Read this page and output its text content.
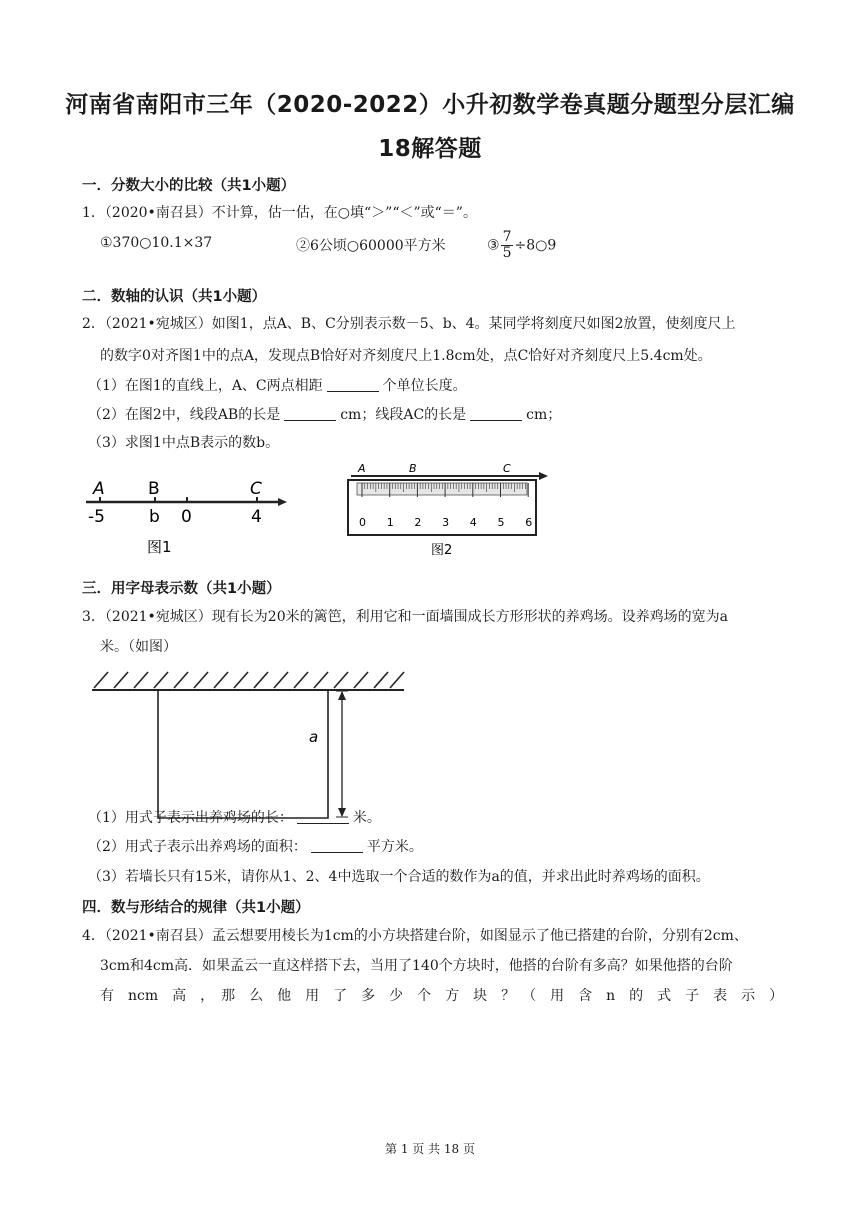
河南省南阳市三年（2020-2022）小升初数学卷真题分题型分层汇编
18解答题
一．分数大小的比较（共1小题）
1．（2020•南召县）不计算，估一估，在○填“＞”“＜”或“＝”。
①370○10.1×37	②6公顷○60000平方米	③ $\frac{7}{5}$ ÷8○9
二．数轴的认识（共1小题）
2．（2021•宛城区）如图1，点A、B、C分别表示数－5、b、4。某同学将刻度尺如图2放置，使刻度尺上
的数字0对齐图1中的点A，发现点B恰好对齐刻度尺上1.8cm处，点C恰好对齐刻度尺上5.4cm处。
（1）在图1的直线上，A、C两点相距	个单位长度。
（2）在图2中，线段AB的长是	cm；线段AC的长是	cm；
（3）求图1中点B表示的数b。
A	B	C
-5	b 0	4
图1
A	B	C
0 1 2 3 4 5 6
图2
三．用字母表示数（共1小题）
3．（2021•宛城区）现有长为20米的篱笆，利用它和一面墙围成长方形形状的养鸡场。设养鸡场的宽为a
米。（如图）
a
（1）用式子表示出养鸡场的长：	米。
（2）用式子表示出养鸡场的面积：	平方米。
（3）若墙长只有15米，请你从1、2、4中选取一个合适的数作为a的值，并求出此时养鸡场的面积。
四．数与形结合的规律（共1小题）
4．（2021•南召县）孟云想要用棱长为1cm的小方块搭建台阶，如图显示了他已搭建的台阶，分别有2cm、
3cm和4cm高．如果孟云一直这样搭下去，当用了140个方块时，他搭的台阶有多高？如果他搭的台阶
有　ncm　高　，　那　么　他　用　了　多　少　个　方　块　？　（　用　含　n　的　式　子　表　示　）
第 1 页 共 18 页
